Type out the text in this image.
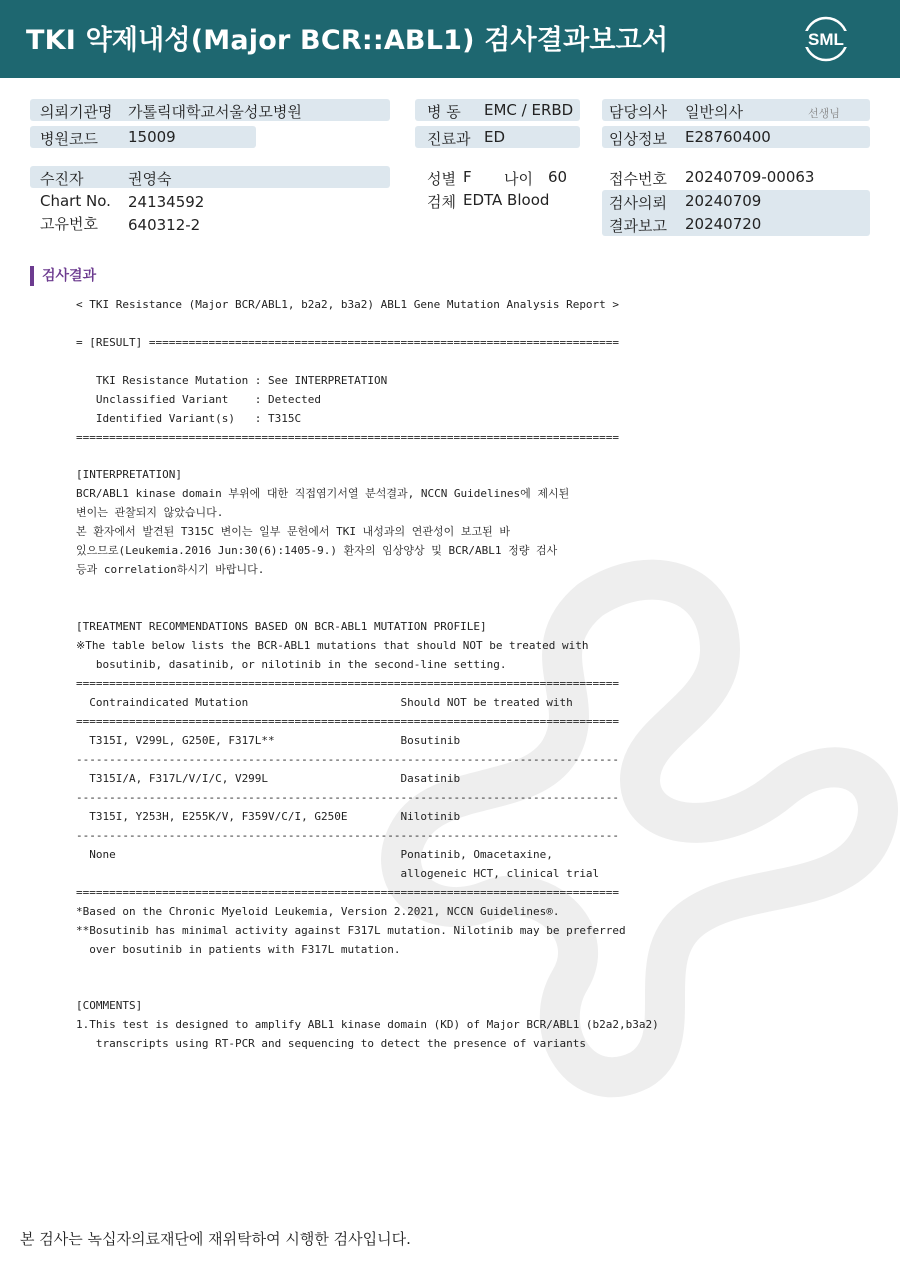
TKI 약제내성(Major BCR::ABL1) 검사결과보고서	SML
의뢰기관명 가톨릭대학교서울성모병원
병원코드 15009
병 동 EMC / ERBD
진료과 ED
담당의사 일반의사	선생님
임상정보 E28760400
수진자	권영숙
Chart No. 24134592
고유번호 640312-2
성별 F 나이 60
검체 EDTA Blood
접수번호 20240709-00063
검사의뢰 20240709
결과보고 20240720
검사결과
< TKI Resistance (Major BCR/ABL1, b2a2, b3a2) ABL1 Gene Mutation Analysis Report >
= [RESULT] =======================================================================
TKI Resistance Mutation : See INTERPRETATION
Unclassified Variant    : Detected
Identified Variant(s)   : T315C
==================================================================================
[INTERPRETATION]
BCR/ABL1 kinase domain 부위에 대한 직접염기서열 분석결과, NCCN Guidelines에 제시된
변이는 관찰되지 않았습니다.
본 환자에서 발견된 T315C 변이는 일부 문헌에서 TKI 내성과의 연관성이 보고된 바
있으므로(Leukemia.2016 Jun:30(6):1405-9.) 환자의 임상양상 및 BCR/ABL1 정량 검사
등과 correlation하시기 바랍니다.
[TREATMENT RECOMMENDATIONS BASED ON BCR-ABL1 MUTATION PROFILE]
※The table below lists the BCR-ABL1 mutations that should NOT be treated with
bosutinib, dasatinib, or nilotinib in the second-line setting.
==================================================================================
Contraindicated Mutation                       Should NOT be treated with
==================================================================================
T315I, V299L, G250E, F317L**                   Bosutinib
----------------------------------------------------------------------------------
T315I/A, F317L/V/I/C, V299L                    Dasatinib
----------------------------------------------------------------------------------
T315I, Y253H, E255K/V, F359V/C/I, G250E        Nilotinib
----------------------------------------------------------------------------------
None                                           Ponatinib, Omacetaxine,
allogeneic HCT, clinical trial
==================================================================================
*Based on the Chronic Myeloid Leukemia, Version 2.2021, NCCN Guidelines®.
**Bosutinib has minimal activity against F317L mutation. Nilotinib may be preferred
over bosutinib in patients with F317L mutation.
[COMMENTS]
1.This test is designed to amplify ABL1 kinase domain (KD) of Major BCR/ABL1 (b2a2,b3a2)
transcripts using RT-PCR and sequencing to detect the presence of variants
본 검사는 녹십자의료재단에 재위탁하여 시행한 검사입니다.
